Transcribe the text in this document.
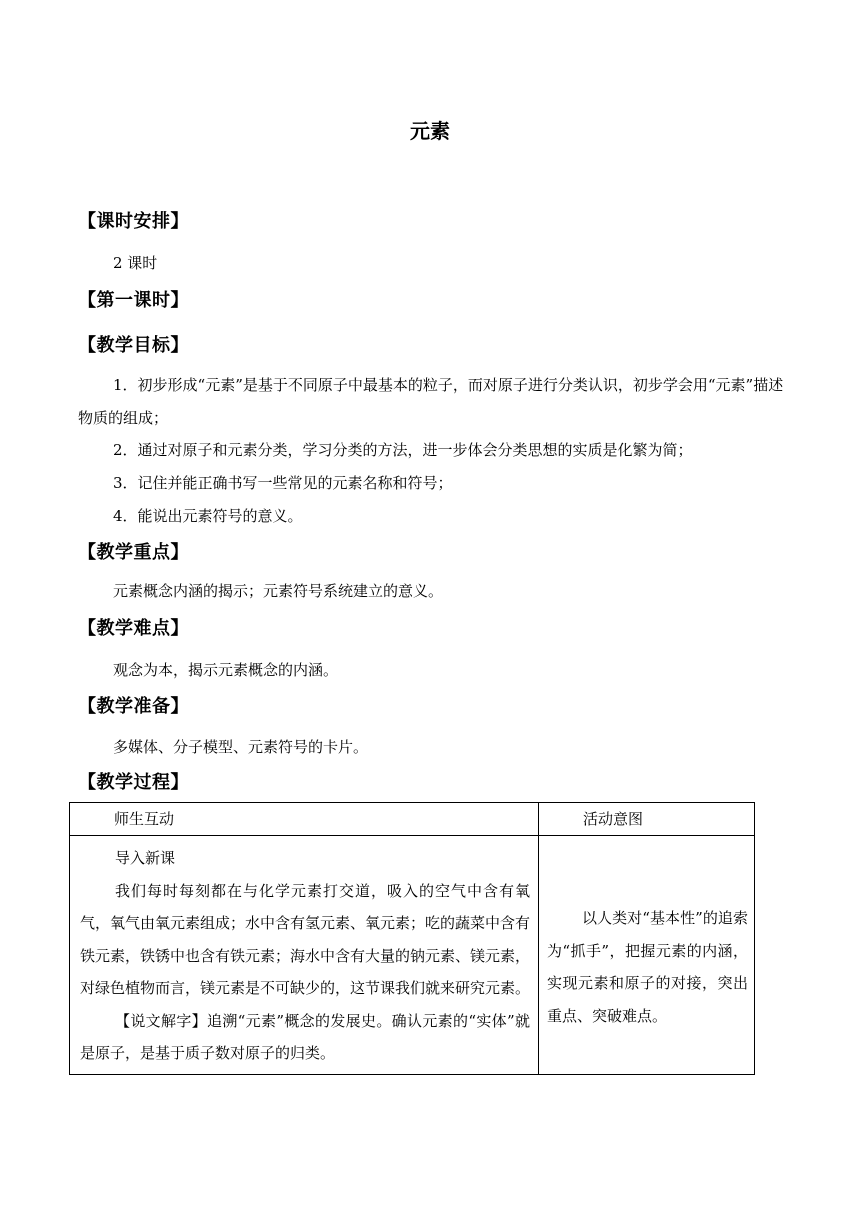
元素
【课时安排】
2 课时
【第一课时】
【教学目标】
1．初步形成“元素”是基于不同原子中最基本的粒子，而对原子进行分类认识，初步学会用“元素”描述物质的组成；
2．通过对原子和元素分类，学习分类的方法，进一步体会分类思想的实质是化繁为简；
3．记住并能正确书写一些常见的元素名称和符号；
4．能说出元素符号的意义。
【教学重点】
元素概念内涵的揭示；元素符号系统建立的意义。
【教学难点】
观念为本，揭示元素概念的内涵。
【教学准备】
多媒体、分子模型、元素符号的卡片。
【教学过程】
师生互动	活动意图

导入新课
我们每时每刻都在与化学元素打交道，吸入的空气中含有氧气，氧气由氧元素组成；水中含有氢元素、氧元素；吃的蔬菜中含有铁元素，铁锈中也含有铁元素；海水中含有大量的钠元素、镁元素，对绿色植物而言，镁元素是不可缺少的，这节课我们就来研究元素。
【说文解字】追溯“元素”概念的发展史。确认元素的“实体”就是原子，是基于质子数对原子的归类。	以人类对“基本性”的追索为“抓手”，把握元素的内涵，实现元素和原子的对接，突出重点、突破难点。
